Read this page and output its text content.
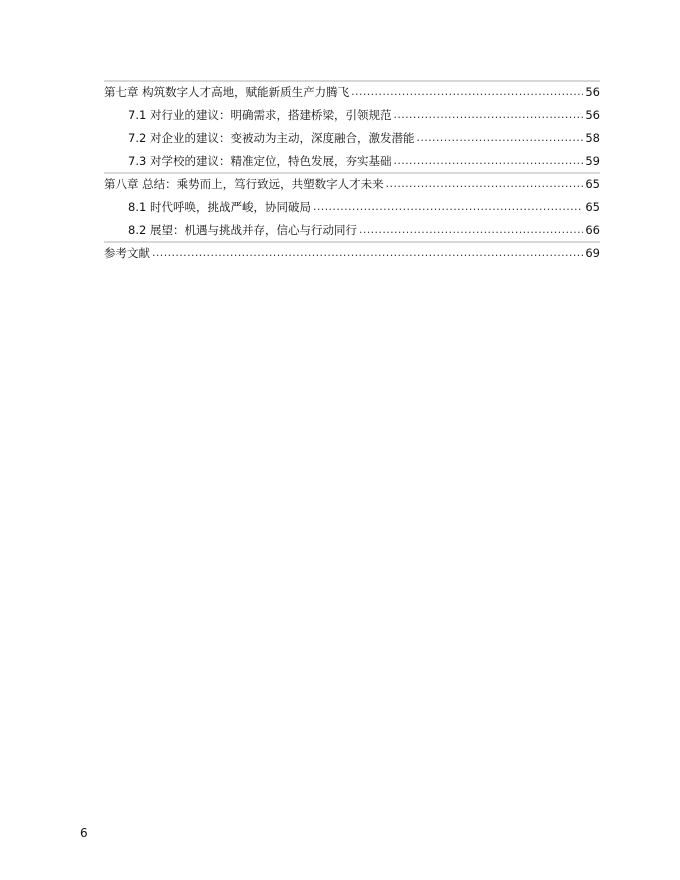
第七章 构筑数字人才高地，赋能新质生产力腾飞 .....	56
7.1 对行业的建议：明确需求，搭建桥梁，引领规范 .....	56
7.2 对企业的建议：变被动为主动，深度融合，激发潜能 .....	58
7.3 对学校的建议：精准定位，特色发展，夯实基础 .....	59
第八章 总结：乘势而上，笃行致远，共塑数字人才未来 .....	65
8.1 时代呼唤，挑战严峻，协同破局 .....	65
8.2 展望：机遇与挑战并存，信心与行动同行 .....	66
参考文献 .....	69
6
